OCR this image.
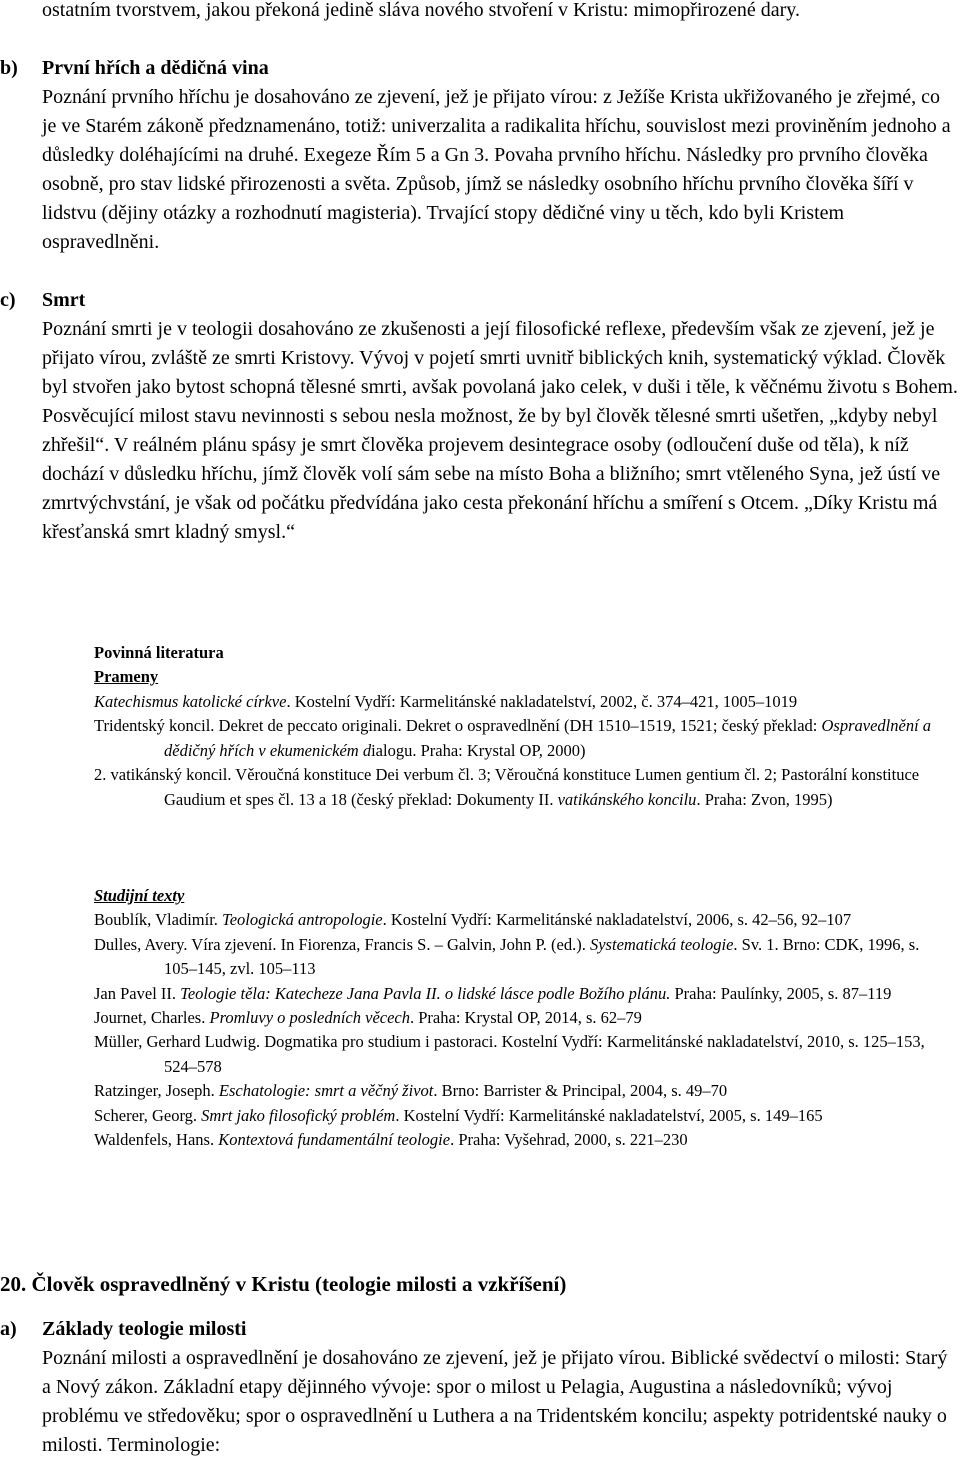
ostatním tvorstvem, jakou překoná jedině sláva nového stvoření v Kristu: mimopřirozené dary.
b) První hřích a dědičná vina
Poznání prvního hříchu je dosahováno ze zjevení, jež je přijato vírou: z Ježíše Krista ukřižovaného je zřejmé, co je ve Starém zákoně předznamenáno, totiž: univerzalita a radikalita hříchu, souvislost mezi proviněním jednoho a důsledky doléhajícími na druhé. Exegeze Řím 5 a Gn 3. Povaha prvního hříchu. Následky pro prvního člověka osobně, pro stav lidské přirozenosti a světa. Způsob, jímž se následky osobního hříchu prvního člověka šíří v lidstvu (dějiny otázky a rozhodnutí magisteria). Trvající stopy dědičné viny u těch, kdo byli Kristem ospravedlněni.
c) Smrt
Poznání smrti je v teologii dosahováno ze zkušenosti a její filosofické reflexe, především však ze zjevení, jež je přijato vírou, zvláště ze smrti Kristovy. Vývoj v pojetí smrti uvnitř biblických knih, systematický výklad. Člověk byl stvořen jako bytost schopná tělesné smrti, avšak povolaná jako celek, v duši i těle, k věčnému životu s Bohem. Posvěcující milost stavu nevinnosti s sebou nesla možnost, že by byl člověk tělesné smrti ušetřen, „kdyby nebyl zhřešil“. V reálném plánu spásy je smrt člověka projevem desintegrace osoby (odloučení duše od těla), k níž dochází v důsledku hříchu, jímž člověk volí sám sebe na místo Boha a bližního; smrt vtěleného Syna, jež ústí ve zmrtvýchvstání, je však od počátku předvídána jako cesta překonání hříchu a smíření s Otcem. „Díky Kristu má křesťanská smrt kladný smysl.“

Povinná literatura

Prameny

Katechismus katolické církve. Kostelní Vydří: Karmelitánské nakladatelství, 2002, č. 374–421, 1005–1019

Tridentský koncil. Dekret de peccato originali. Dekret o ospravedlnění (DH 1510–1519, 1521; český překlad: Ospravedlnění a dědičný hřích v ekumenickém dialogu. Praha: Krystal OP, 2000)

2. vatikánský koncil. Věroučná konstituce Dei verbum čl. 3; Věroučná konstituce Lumen gentium čl. 2; Pastorální konstituce Gaudium et spes čl. 13 a 18 (český překlad: Dokumenty II. vatikánského koncilu. Praha: Zvon, 1995)

Studijní texty

Boublík, Vladimír. Teologická antropologie. Kostelní Vydří: Karmelitánské nakladatelství, 2006, s. 42–56, 92–107

Dulles, Avery. Víra zjevení. In Fiorenza, Francis S. – Galvin, John P. (ed.). Systematická teologie. Sv. 1. Brno: CDK, 1996, s. 105–145, zvl. 105–113

Jan Pavel II. Teologie těla: Katecheze Jana Pavla II. o lidské lásce podle Božího plánu. Praha: Paulínky, 2005, s. 87–119

Journet, Charles. Promluvy o posledních věcech. Praha: Krystal OP, 2014, s. 62–79

Müller, Gerhard Ludwig. Dogmatika pro studium i pastoraci. Kostelní Vydří: Karmelitánské nakladatelství, 2010, s. 125–153, 524–578

Ratzinger, Joseph. Eschatologie: smrt a věčný život. Brno: Barrister & Principal, 2004, s. 49–70

Scherer, Georg. Smrt jako filosofický problém. Kostelní Vydří: Karmelitánské nakladatelství, 2005, s. 149–165

Waldenfels, Hans. Kontextová fundamentální teologie. Praha: Vyšehrad, 2000, s. 221–230

20. Člověk ospravedlněný v Kristu (teologie milosti a vzkříšení)
a) Základy teologie milosti
Poznání milosti a ospravedlnění je dosahováno ze zjevení, jež je přijato vírou. Biblické svědectví o milosti: Starý a Nový zákon. Základní etapy dějinného vývoje: spor o milost u Pelagia, Augustina a následovníků; vývoj problému ve středověku; spor o ospravedlnění u Luthera a na Tridentském koncilu; aspekty potridentské nauky o milosti. Terminologie:
